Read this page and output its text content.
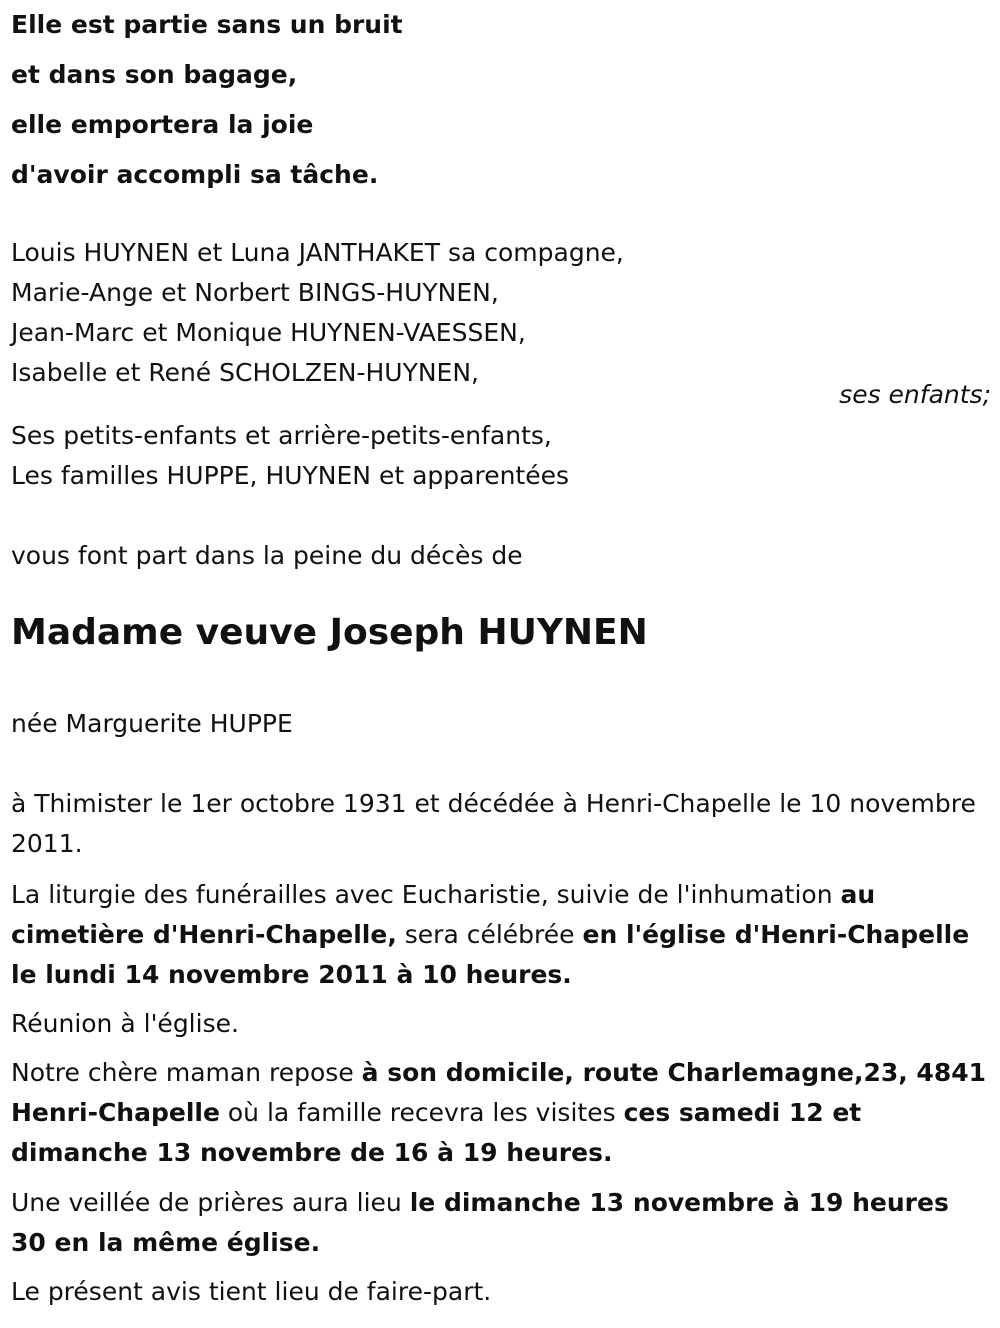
Elle est partie sans un bruit

et dans son bagage,

elle emportera la joie

d'avoir accompli sa tâche.

Louis HUYNEN et Luna JANTHAKET sa compagne,

Marie-Ange et Norbert BINGS-HUYNEN,

Jean-Marc et Monique HUYNEN-VAESSEN,

Isabelle et René SCHOLZEN-HUYNEN,

ses enfants;

Ses petits-enfants et arrière-petits-enfants,

Les familles HUPPE, HUYNEN et apparentées

vous font part dans la peine du décès de

Madame veuve Joseph HUYNEN

née Marguerite HUPPE

à Thimister le 1er octobre 1931 et décédée à Henri-Chapelle le 10 novembre 2011.

La liturgie des funérailles avec Eucharistie, suivie de l'inhumation au cimetière d'Henri-Chapelle, sera célébrée en l'église d'Henri-Chapelle le lundi 14 novembre 2011 à 10 heures.

Réunion à l'église.

Notre chère maman repose à son domicile, route Charlemagne,23, 4841 Henri-Chapelle où la famille recevra les visites ces samedi 12 et dimanche 13 novembre de 16 à 19 heures.

Une veillée de prières aura lieu le dimanche 13 novembre à 19 heures 30 en la même église.

Le présent avis tient lieu de faire-part.
